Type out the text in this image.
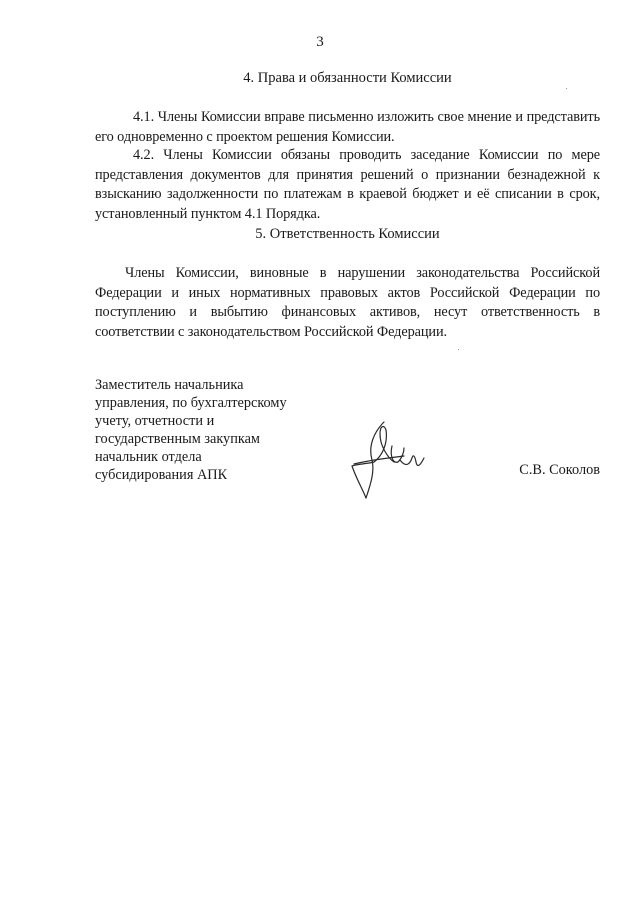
3
4. Права и обязанности Комиссии

4.1. Члены Комиссии вправе письменно изложить свое мнение и представить его одновременно с проектом решения Комиссии.

4.2. Члены Комиссии обязаны проводить заседание Комиссии по мере представления документов для принятия решений о признании безнадежной к взысканию задолженности по платежам в краевой бюджет и её списании в срок, установленный пунктом 4.1 Порядка.

5. Ответственность Комиссии

Члены Комиссии, виновные в нарушении законодательства Российской Федерации и иных нормативных правовых актов Российской Федерации по поступлению и выбытию финансовых активов, несут ответственность в соответствии с законодательством Российской Федерации.

Заместитель начальника
управления, по бухгалтерскому
учету, отчетности и
государственным закупкам
начальник отдела
субсидирования АПК	С.В. Соколов
